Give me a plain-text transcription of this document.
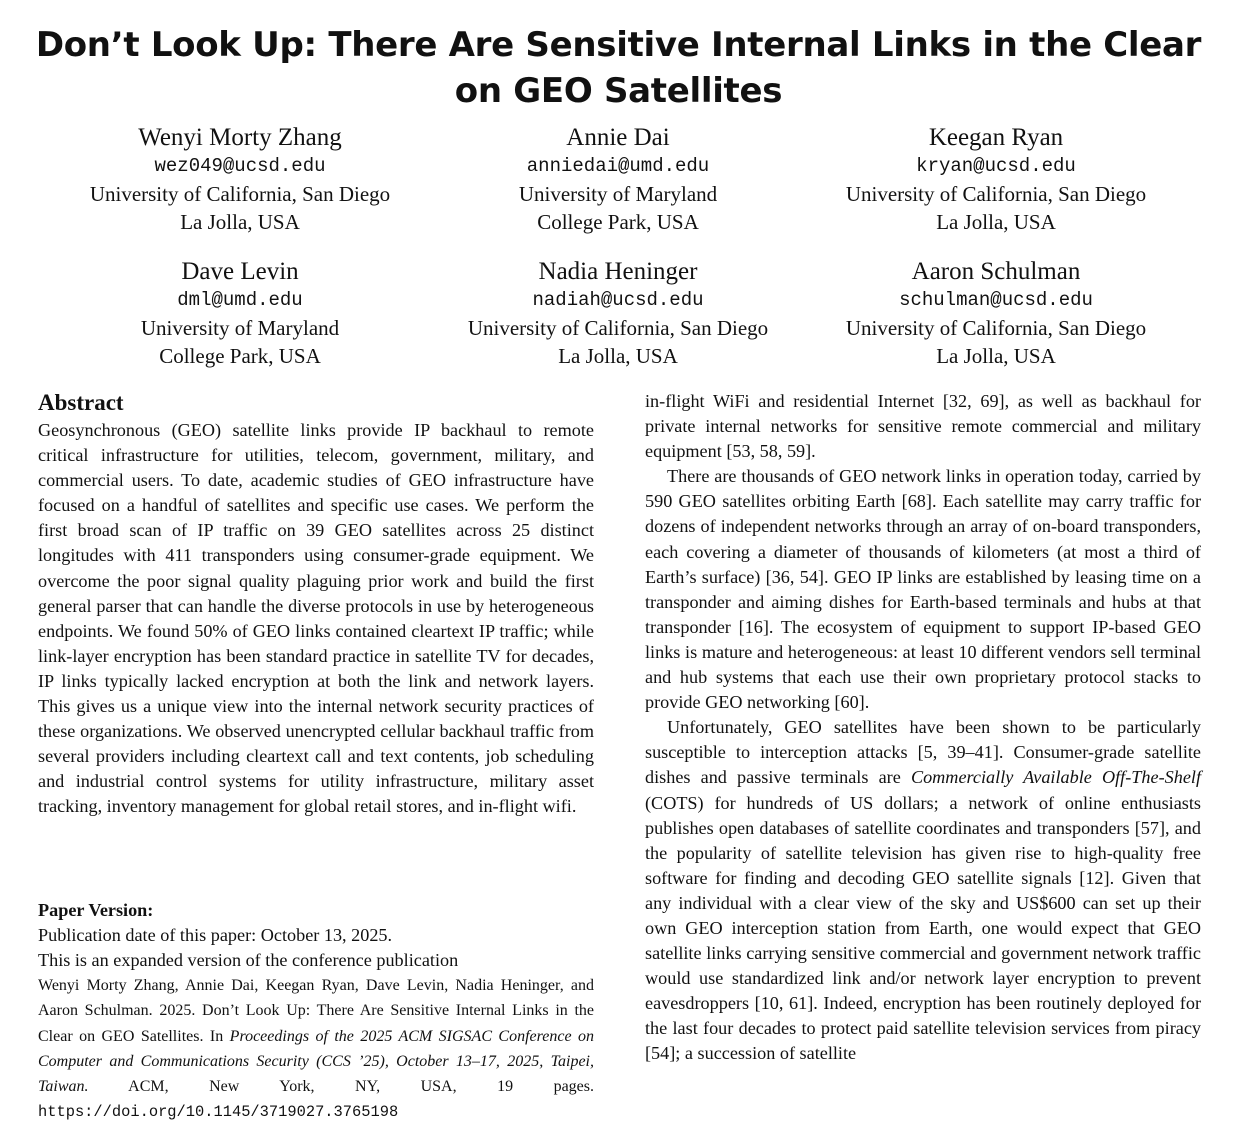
Don’t Look Up: There Are Sensitive Internal Links in the Clear on GEO Satellites
Wenyi Morty Zhang
wez049@ucsd.edu
University of California, San Diego
La Jolla, USA
Annie Dai
anniedai@umd.edu
University of Maryland
College Park, USA
Keegan Ryan
kryan@ucsd.edu
University of California, San Diego
La Jolla, USA
Dave Levin
dml@umd.edu
University of Maryland
College Park, USA
Nadia Heninger
nadiah@ucsd.edu
University of California, San Diego
La Jolla, USA
Aaron Schulman
schulman@ucsd.edu
University of California, San Diego
La Jolla, USA
Abstract

Geosynchronous (GEO) satellite links provide IP backhaul to remote critical infrastructure for utilities, telecom, government, military, and commercial users. To date, academic studies of GEO infrastructure have focused on a handful of satellites and specific use cases. We perform the first broad scan of IP traffic on 39 GEO satellites across 25 distinct longitudes with 411 transponders using consumer-grade equipment. We overcome the poor signal quality plaguing prior work and build the first general parser that can handle the diverse protocols in use by heterogeneous endpoints. We found 50% of GEO links contained cleartext IP traffic; while link-layer encryption has been standard practice in satellite TV for decades, IP links typically lacked encryption at both the link and network layers. This gives us a unique view into the internal network security practices of these organizations. We observed unencrypted cellular backhaul traffic from several providers including cleartext call and text contents, job scheduling and industrial control systems for utility infrastructure, military asset tracking, inventory management for global retail stores, and in-flight wifi.

Paper Version:
Publication date of this paper: October 13, 2025.
This is an expanded version of the conference publication
Wenyi Morty Zhang, Annie Dai, Keegan Ryan, Dave Levin, Nadia Heninger, and Aaron Schulman. 2025. Don’t Look Up: There Are Sensitive Internal Links in the Clear on GEO Satellites. In Proceedings of the 2025 ACM SIGSAC Conference on Computer and Communications Security (CCS ’25), October 13–17, 2025, Taipei, Taiwan. ACM, New York, NY, USA, 19 pages. https://doi.org/10.1145/3719027.3765198

in-flight WiFi and residential Internet [32, 69], as well as backhaul for private internal networks for sensitive remote commercial and military equipment [53, 58, 59].

There are thousands of GEO network links in operation today, carried by 590 GEO satellites orbiting Earth [68]. Each satellite may carry traffic for dozens of independent networks through an array of on-board transponders, each covering a diameter of thousands of kilometers (at most a third of Earth’s surface) [36, 54]. GEO IP links are established by leasing time on a transponder and aiming dishes for Earth-based terminals and hubs at that transponder [16]. The ecosystem of equipment to support IP-based GEO links is mature and heterogeneous: at least 10 different vendors sell terminal and hub systems that each use their own proprietary protocol stacks to provide GEO networking [60].

Unfortunately, GEO satellites have been shown to be particularly susceptible to interception attacks [5, 39–41]. Consumer-grade satellite dishes and passive terminals are Commercially Available Off-The-Shelf (COTS) for hundreds of US dollars; a network of online enthusiasts publishes open databases of satellite coordinates and transponders [57], and the popularity of satellite television has given rise to high-quality free software for finding and decoding GEO satellite signals [12]. Given that any individual with a clear view of the sky and US$600 can set up their own GEO interception station from Earth, one would expect that GEO satellite links carrying sensitive commercial and government network traffic would use standardized link and/or network layer encryption to prevent eavesdroppers [10, 61]. Indeed, encryption has been routinely deployed for the last four decades to protect paid satellite television services from piracy [54]; a succession of satellite
